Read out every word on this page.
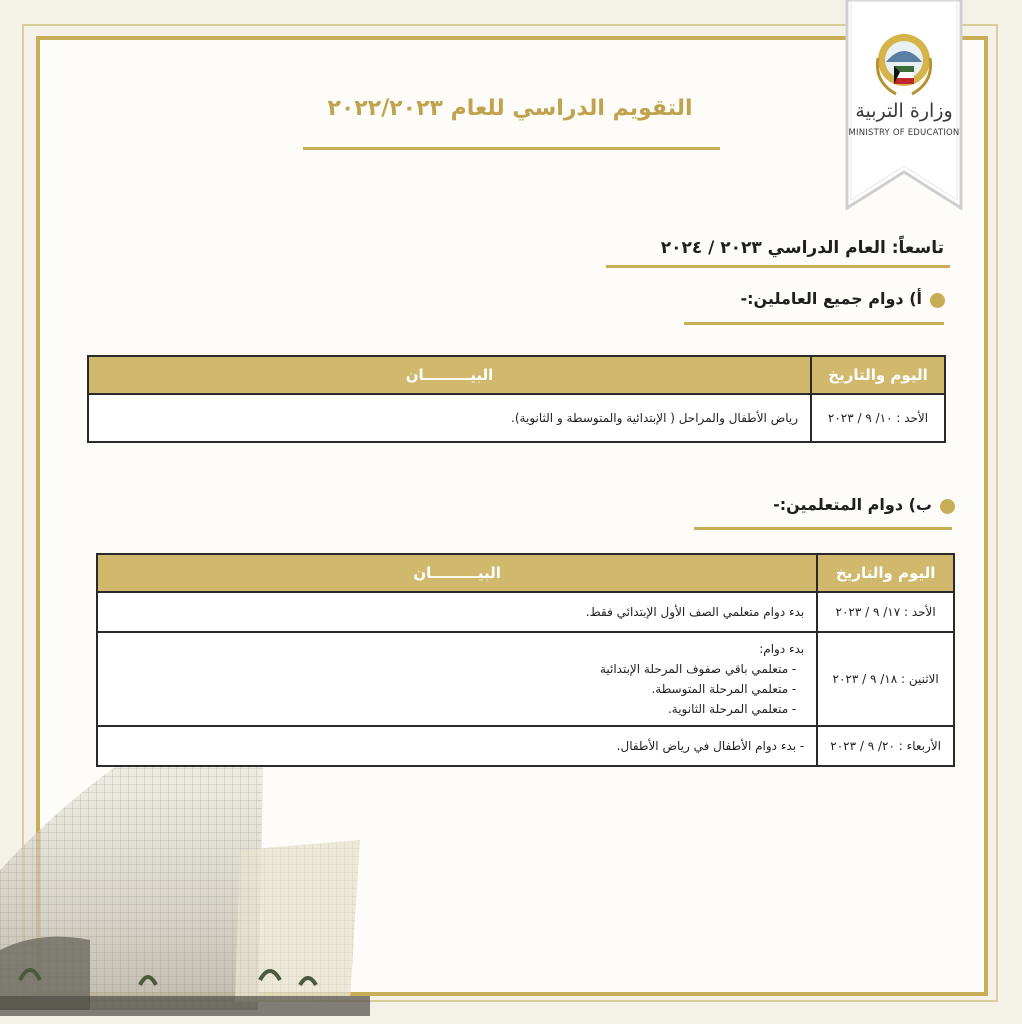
وزارة التربية
MINISTRY OF EDUCATION
التقويم الدراسي للعام ٢٠٢٢/٢٠٢٣
تاسعاً: العام الدراسي ٢٠٢٣ / ٢٠٢٤
أ) دوام جميع العاملين:-
اليوم والتاريخ	البيـــــــــان
الأحد : ١٠/ ٩ / ٢٠٢٣	رياض الأطفال والمراحل ( الإبتدائية والمتوسطة و الثانوية).
ب) دوام المتعلمين:-
اليوم والتاريخ	البيـــــــــان
الأحد : ١٧/ ٩ / ٢٠٢٣	بدء دوام متعلمي الصف الأول الإبتدائي فقط.
الاثنين : ١٨/ ٩ / ٢٠٢٣	بدء دوام:
- متعلمي باقي صفوف المرحلة الإبتدائية
- متعلمي المرحلة المتوسطة.
- متعلمي المرحلة الثانوية.

الأربعاء : ٢٠/ ٩ / ٢٠٢٣	- بدء دوام الأطفال في رياض الأطفال.
